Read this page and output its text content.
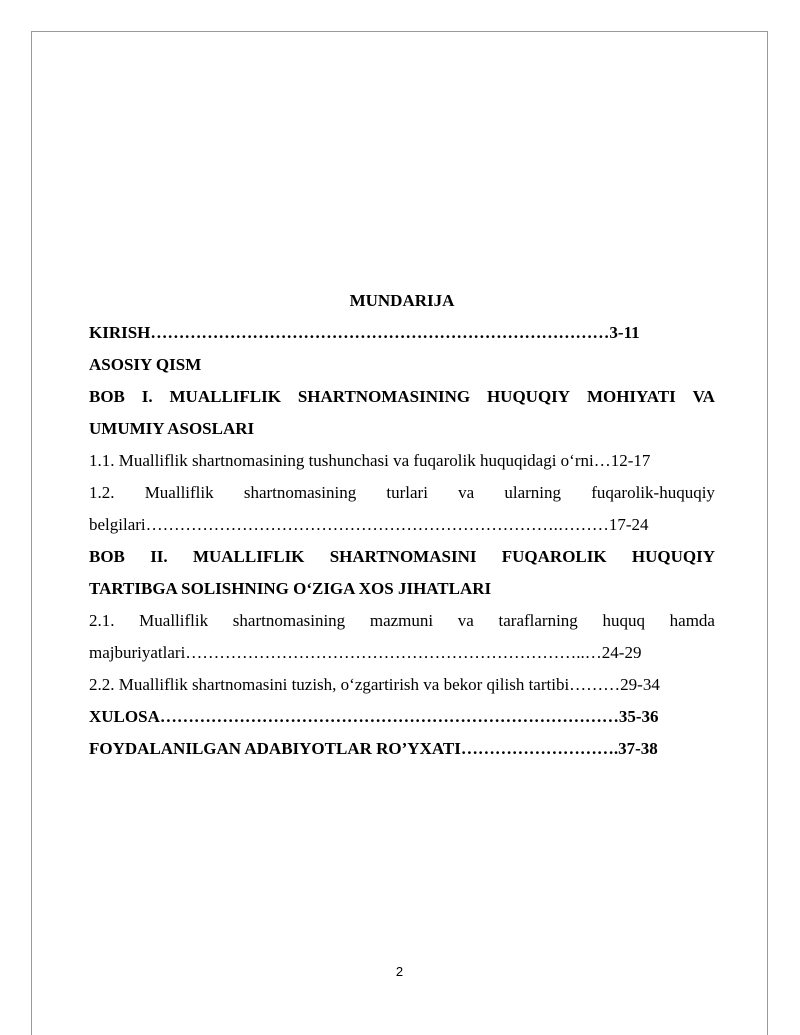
MUNDARIJA
KIRISH………………………………………………………………………3-11
ASOSIY QISM
BOB I. MUALLIFLIK SHARTNOMASINING HUQUQIY MOHIYATI VA
UMUMIY ASOSLARI
1.1. Mualliflik shartnomasining tushunchasi va fuqarolik huquqidagi o‘rni…12-17
1.2. Mualliflik shartnomasining turlari va ularning fuqarolik-huquqiy
belgilari……………………………………………………………….………17-24
BOB II. MUALLIFLIK SHARTNOMASINI FUQAROLIK HUQUQIY
TARTIBGA SOLISHNING O‘ZIGA XOS JIHATLARI
2.1. Mualliflik shartnomasining mazmuni va taraflarning huquq hamda
majburiyatlari……………………………………………………………..…24-29
2.2. Mualliflik shartnomasini tuzish, o‘zgartirish va bekor qilish tartibi………29-34
XULOSA………………………………………………………………………35-36
FOYDALANILGAN ADABIYOTLAR RO’YXATI……………………….37-38
2
